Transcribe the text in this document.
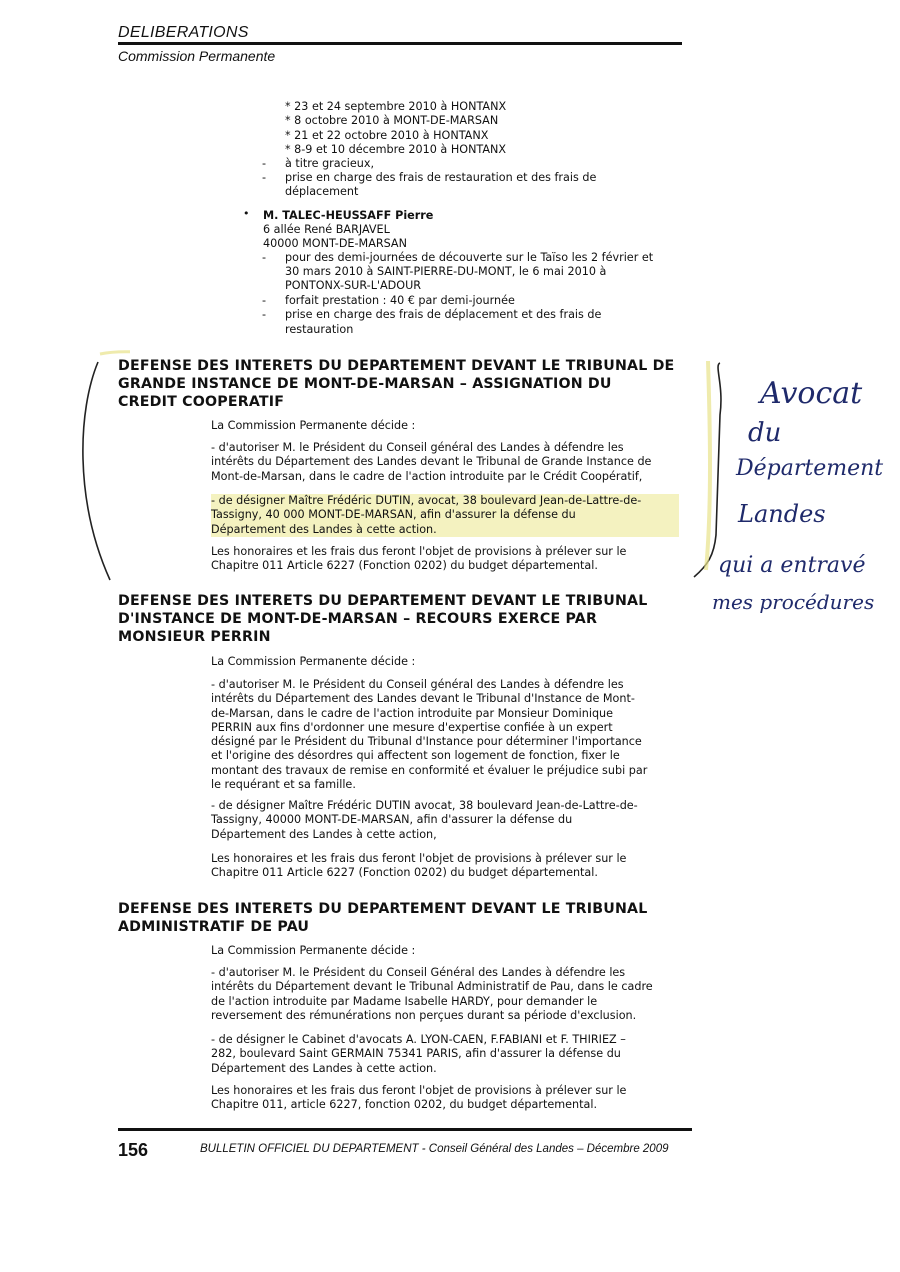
DELIBERATIONS
Commission Permanente
* 23 et 24 septembre 2010 à HONTANX
* 8 octobre 2010 à MONT-DE-MARSAN
* 21 et 22 octobre 2010 à HONTANX
* 8-9 et 10 décembre 2010 à HONTANX
- à titre gracieux,
- prise en charge des frais de restauration et des frais de
déplacement
• M. TALEC-HEUSSAFF Pierre
6 allée René BARJAVEL
40000 MONT-DE-MARSAN
- pour des demi-journées de découverte sur le Taïso les 2 février et
30 mars 2010 à SAINT-PIERRE-DU-MONT, le 6 mai 2010 à
PONTONX-SUR-L'ADOUR
- forfait prestation : 40 € par demi-journée
- prise en charge des frais de déplacement et des frais de
restauration
DEFENSE DES INTERETS DU DEPARTEMENT DEVANT LE TRIBUNAL DE
GRANDE INSTANCE DE MONT-DE-MARSAN – ASSIGNATION DU
CREDIT COOPERATIF
La Commission Permanente décide :
- d'autoriser M. le Président du Conseil général des Landes à défendre les
intérêts du Département des Landes devant le Tribunal de Grande Instance de
Mont-de-Marsan, dans le cadre de l'action introduite par le Crédit Coopératif,
- de désigner Maître Frédéric DUTIN, avocat, 38 boulevard Jean-de-Lattre-de-
Tassigny, 40 000 MONT-DE-MARSAN, afin d'assurer la défense du
Département des Landes à cette action.
Les honoraires et les frais dus feront l'objet de provisions à prélever sur le
Chapitre 011 Article 6227 (Fonction 0202) du budget départemental.
DEFENSE DES INTERETS DU DEPARTEMENT DEVANT LE TRIBUNAL
D'INSTANCE DE MONT-DE-MARSAN – RECOURS EXERCE PAR
MONSIEUR PERRIN
La Commission Permanente décide :
- d'autoriser M. le Président du Conseil général des Landes à défendre les
intérêts du Département des Landes devant le Tribunal d'Instance de Mont-
de-Marsan, dans le cadre de l'action introduite par Monsieur Dominique
PERRIN aux fins d'ordonner une mesure d'expertise confiée à un expert
désigné par le Président du Tribunal d'Instance pour déterminer l'importance
et l'origine des désordres qui affectent son logement de fonction, fixer le
montant des travaux de remise en conformité et évaluer le préjudice subi par
le requérant et sa famille.
- de désigner Maître Frédéric DUTIN avocat, 38 boulevard Jean-de-Lattre-de-
Tassigny, 40000 MONT-DE-MARSAN, afin d'assurer la défense du
Département des Landes à cette action,
Les honoraires et les frais dus feront l'objet de provisions à prélever sur le
Chapitre 011 Article 6227 (Fonction 0202) du budget départemental.
DEFENSE DES INTERETS DU DEPARTEMENT DEVANT LE TRIBUNAL
ADMINISTRATIF DE PAU
La Commission Permanente décide :
- d'autoriser M. le Président du Conseil Général des Landes à défendre les
intérêts du Département devant le Tribunal Administratif de Pau, dans le cadre
de l'action introduite par Madame Isabelle HARDY, pour demander le
reversement des rémunérations non perçues durant sa période d'exclusion.
- de désigner le Cabinet d'avocats A. LYON-CAEN, F.FABIANI et F. THIRIEZ –
282, boulevard Saint GERMAIN 75341 PARIS, afin d'assurer la défense du
Département des Landes à cette action.
Les honoraires et les frais dus feront l'objet de provisions à prélever sur le
Chapitre 011, article 6227, fonction 0202, du budget départemental.
Avocat
du
Département
Landes
qui a entravé
mes procédures
156	BULLETIN OFFICIEL DU DEPARTEMENT - Conseil Général des Landes – Décembre 2009
